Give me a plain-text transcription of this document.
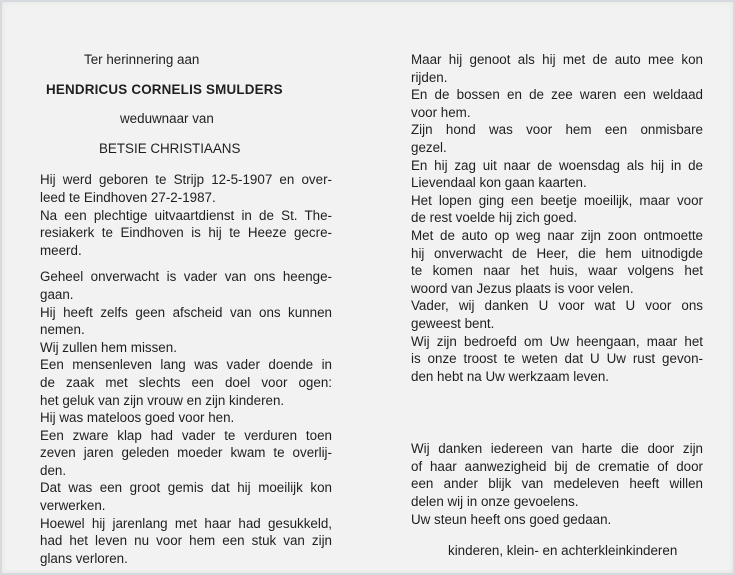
Ter herinnering aan
HENDRICUS CORNELIS SMULDERS
weduwnaar van
BETSIE CHRISTIAANS
Hij werd geboren te Strijp 12-5-1907 en over-
leed te Eindhoven 27-2-1987.
Na een plechtige uitvaartdienst in de St. The-
resiakerk te Eindhoven is hij te Heeze gecre-
meerd.
Geheel onverwacht is vader van ons heenge-
gaan.
Hij heeft zelfs geen afscheid van ons kunnen
nemen.
Wij zullen hem missen.
Een mensenleven lang was vader doende in
de zaak met slechts een doel voor ogen:
het geluk van zijn vrouw en zijn kinderen.
Hij was mateloos goed voor hen.
Een zware klap had vader te verduren toen
zeven jaren geleden moeder kwam te overlij-
den.
Dat was een groot gemis dat hij moeilijk kon
verwerken.
Hoewel hij jarenlang met haar had gesukkeld,
had het leven nu voor hem een stuk van zijn
glans verloren.
Maar hij genoot als hij met de auto mee kon
rijden.
En de bossen en de zee waren een weldaad
voor hem.
Zijn hond was voor hem een onmisbare
gezel.
En hij zag uit naar de woensdag als hij in de
Lievendaal kon gaan kaarten.
Het lopen ging een beetje moeilijk, maar voor
de rest voelde hij zich goed.
Met de auto op weg naar zijn zoon ontmoette
hij onverwacht de Heer, die hem uitnodigde
te komen naar het huis, waar volgens het
woord van Jezus plaats is voor velen.
Vader, wij danken U voor wat U voor ons
geweest bent.
Wij zijn bedroefd om Uw heengaan, maar het
is onze troost te weten dat U Uw rust gevon-
den hebt na Uw werkzaam leven.
Wij danken iedereen van harte die door zijn
of haar aanwezigheid bij de crematie of door
een ander blijk van medeleven heeft willen
delen wij in onze gevoelens.
Uw steun heeft ons goed gedaan.
kinderen, klein- en achterkleinkinderen
